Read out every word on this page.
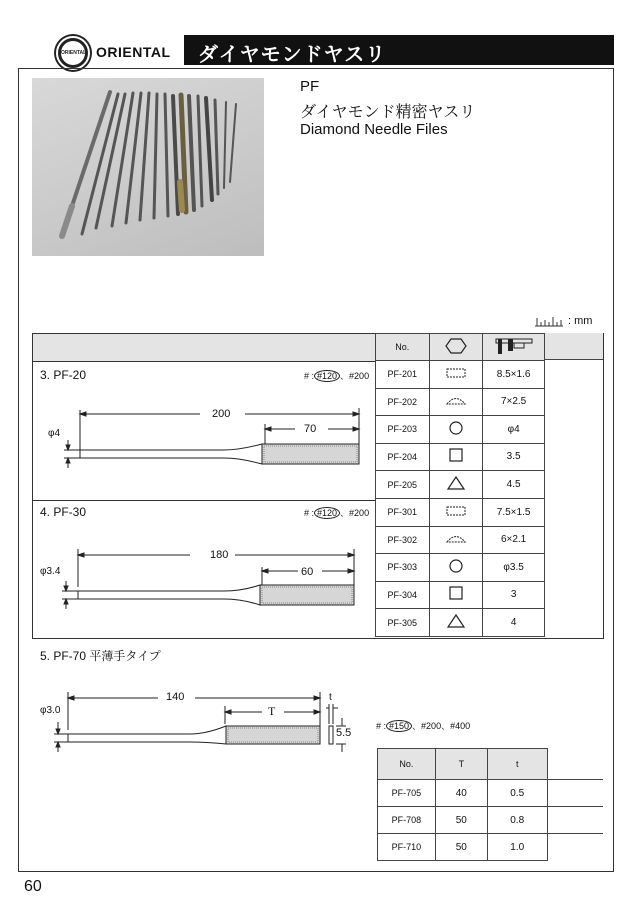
ORIENTAL ORIENTAL ダイヤモンドヤスリ
PF
ダイヤモンド精密ヤスリ
Diamond Needle Files
: mm
No.		
PF-201		8.5×1.6
PF-202		7×2.5
PF-203		φ4
PF-204		3.5
PF-205		4.5
PF-301		7.5×1.5
PF-302		6×2.1
PF-303		φ3.5
PF-304		3
PF-305		4
3. PF-20	# : #120 、#200
200
70
φ4
4. PF-30	# : #120 、#200
180
60
φ3.4
5. PF-70 平薄手タイプ
140
T
φ3.0
t
5.5
# : #150 、#200、#400
No.	T	t	
PF-705	40	0.5	
PF-708	50	0.8	
PF-710	50	1.0	
60
